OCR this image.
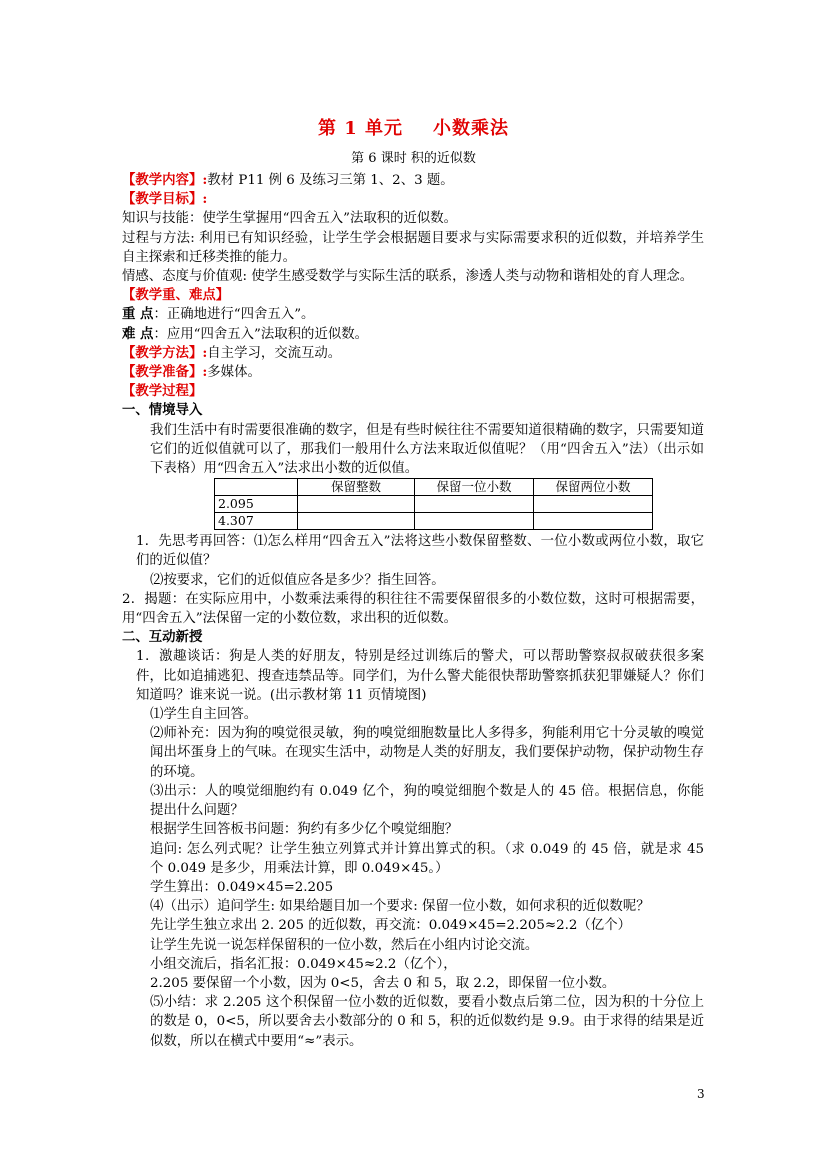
第 1 单元 小数乘法
第 6 课时 积的近似数
【教学内容】:教材 P11 例 6 及练习三第 1、2、3 题。
【教学目标】:
知识与技能：使学生掌握用“四舍五入”法取积的近似数。
过程与方法: 利用已有知识经验，让学生学会根据题目要求与实际需要求积的近似数，并培养学生自主探索和迁移类推的能力。
情感、态度与价值观: 使学生感受数学与实际生活的联系，渗透人类与动物和谐相处的育人理念。
【教学重、难点】
重 点：正确地进行“四舍五入”。
难 点：应用“四舍五入”法取积的近似数。
【教学方法】:自主学习，交流互动。
【教学准备】:多媒体。
【教学过程】
一、情境导入
我们生活中有时需要很准确的数字，但是有些时候往往不需要知道很精确的数字，只需要知道它们的近似值就可以了，那我们一般用什么方法来取近似值呢？（用“四舍五入”法）（出示如下表格）用“四舍五入”法求出小数的近似值。
	保留整数	保留一位小数	保留两位小数
2.095			
4.307			
1．先思考再回答：⑴怎么样用“四舍五入”法将这些小数保留整数、一位小数或两位小数，取它们的近似值？
⑵按要求，它们的近似值应各是多少？指生回答。
2．揭题：在实际应用中，小数乘法乘得的积往往不需要保留很多的小数位数，这时可根据需要，用“四舍五入”法保留一定的小数位数，求出积的近似数。
二、互动新授
1．激趣谈话：狗是人类的好朋友，特别是经过训练后的警犬，可以帮助警察叔叔破获很多案件，比如追捕逃犯、搜查违禁品等。同学们，为什么警犬能很快帮助警察抓获犯罪嫌疑人？你们知道吗？谁来说一说。(出示教材第 11 页情境图)
⑴学生自主回答。
⑵师补充：因为狗的嗅觉很灵敏，狗的嗅觉细胞数量比人多得多，狗能利用它十分灵敏的嗅觉闻出坏蛋身上的气味。在现实生活中，动物是人类的好朋友，我们要保护动物，保护动物生存的环境。
⑶出示：人的嗅觉细胞约有 0.049 亿个，狗的嗅觉细胞个数是人的 45 倍。根据信息，你能提出什么问题？
根据学生回答板书问题：狗约有多少亿个嗅觉细胞？
追问: 怎么列式呢？让学生独立列算式并计算出算式的积。（求 0.049 的 45 倍，就是求 45 个 0.049 是多少，用乘法计算，即 0.049×45。）
学生算出：0.049×45=2.205
⑷（出示）追问学生: 如果给题目加一个要求: 保留一位小数，如何求积的近似数呢？
先让学生独立求出 2. 205 的近似数，再交流：0.049×45=2.205≈2.2（亿个）
让学生先说一说怎样保留积的一位小数，然后在小组内讨论交流。
小组交流后，指名汇报：0.049×45≈2.2（亿个），
2.205 要保留一个小数，因为 0<5，舍去 0 和 5，取 2.2，即保留一位小数。
⑸小结：求 2.205 这个积保留一位小数的近似数，要看小数点后第二位，因为积的十分位上的数是 0，0<5，所以要舍去小数部分的 0 和 5，积的近似数约是 9.9。由于求得的结果是近似数，所以在横式中要用“≈”表示。
3
